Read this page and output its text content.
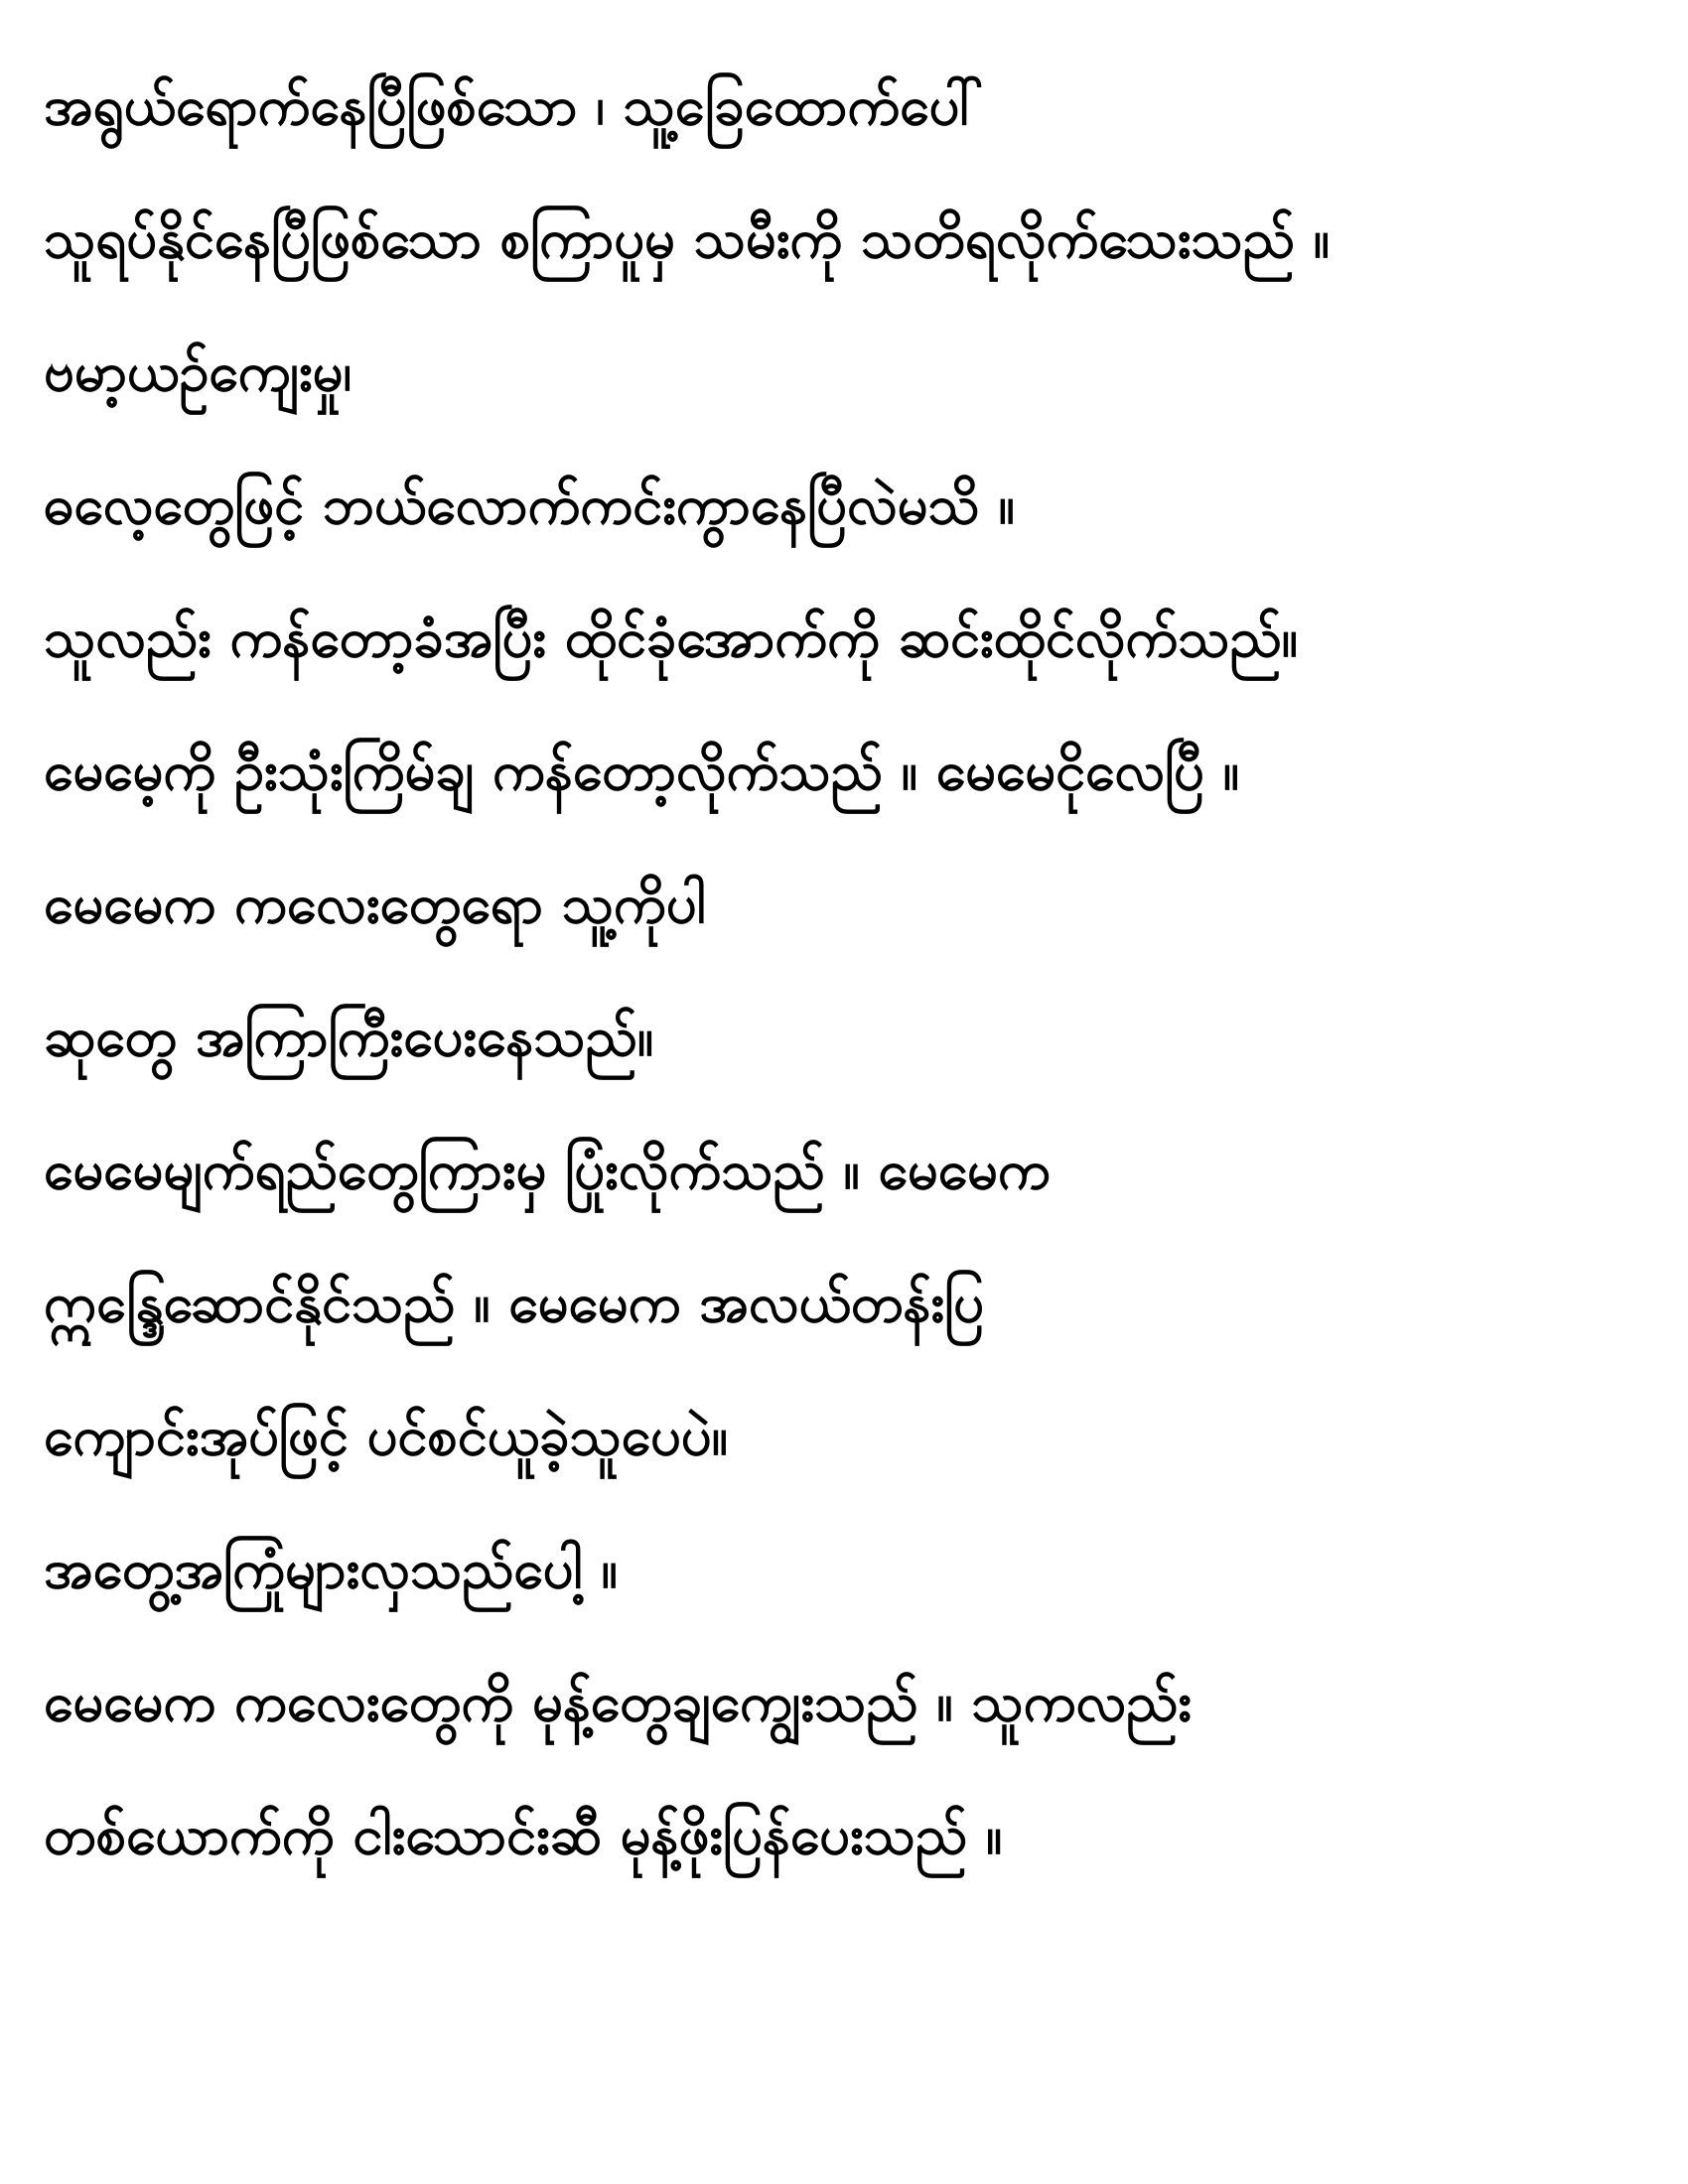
အရွယ်ရောက်နေပြီဖြစ်သော ၊ သူ့ခြေထောက်ပေါ်
သူရပ်နိုင်နေပြီဖြစ်သော စကြာပူမှ သမီးကို သတိရလိုက်သေးသည် ။
ဗမာ့ယဉ်ကျေးမှု၊
ဓလေ့တွေဖြင့် ဘယ်လောက်ကင်းကွာနေပြီလဲမသိ ။
သူလည်း ကန်တော့ခံအပြီး ထိုင်ခုံအောက်ကို ဆင်းထိုင်လိုက်သည်။
မေမေ့ကို ဦးသုံးကြိမ်ချ ကန်တော့လိုက်သည် ။ မေမေငိုလေပြီ ။
မေမေက ကလေးတွေရော သူ့ကိုပါ
ဆုတွေ အကြာကြီးပေးနေသည်။
မေမေမျက်ရည်တွေကြားမှ ပြုံးလိုက်သည် ။ မေမေက
ဣန္ဒြေဆောင်နိုင်သည် ။ မေမေက အလယ်တန်းပြ
ကျောင်းအုပ်ဖြင့် ပင်စင်ယူခဲ့သူပေပဲ။
အတွေ့အကြုံများလှသည်ပေါ့ ။
မေမေက ကလေးတွေကို မုန့်တွေချကျွေးသည် ။ သူကလည်း
တစ်ယောက်ကို ငါးသောင်းဆီ မုန့်ဖိုးပြန်ပေးသည် ။
